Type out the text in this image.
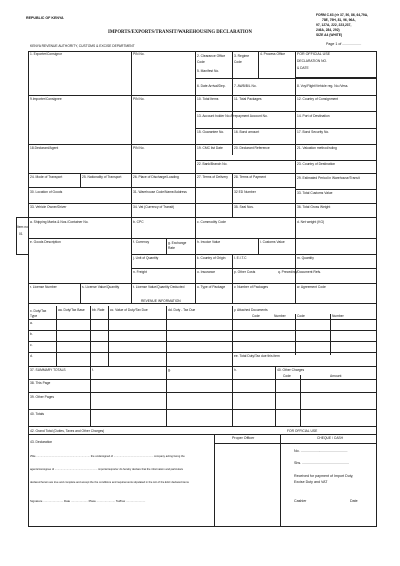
REPUBLIC OF KENYA
IMPORTS/EXPORTS/TRANSIT/WAREHOUSING DECLARATION
FORM C.63 (r/r 37, 50, 86, 64,79A,
78E, 79H, 81, 96, 96A,
97, 127A, 222, 223,237,
246A, 284, 292)
SIZE A4 (WHITE)
Page 1 of ...................
KENYA REVENUE AUTHORITY, CUSTOMS & EXCISE DEPARTMENT
1. Exporter/Consignor	PIN No.	2. Clearance Office Code
3. Regime Code
4. Process Office	FOR OFFICIAL USE
DECLARATION NO.
& DATE
5. Manifest No.
6. Date Arrival/Dep.	7. AWB/B/L No.	8. Voy/Flight/Vehicle reg. No./Vess.
9.Importer/Consignee	PIN No.	10. Total Items	11. Total Packages	12. Country of Consignment
13. Account holder No./Prepayment Account No.	14. Port of Destination
15. Guarantee No.	16. Bond amount	17. Bond Security No.
18.Declarant/Agent	PIN No.	19. CMC list Date	20. Declarant Reference	21. Valuation method/ruling
22. Bank/Branch No.	23. Country of Destination
24. Mode of Transport	25. Nationality of Transport	26. Place of Discharge/Loading	27. Terms of Delivery 28. Terms of Payment	29. Estimated Period in Warehouse/Transit
30. Location of Goods	31. Warehouse Code/Name/Address	32 ED Number	33. Total Customs Value
33. Vehicle Owner/Driver	34. Vat (Currency of Transit)	35. Seal Nos.	36. Total Gross Weight
Item no
01
a. Shipping Marks & Nos./Container No.	b. CPC	c. Commodity Code	d. Net weight (KG)
e. Goods Description	f. Currency	g. Exchange Rate
h. Invoice Value	i. Customs Value
j. Unit of Quantity	k. Country of Origin	l. E.I.T.C	m. Quantity
n. Freight	o. Insurance	p. Other Costs	q. Preceding/Document Refs.
r. License Number	s. License Value/Quantity	t. License Value/Quantity Deducted	u. Type of Package	v. Number of Packages	w. Agreement Code
REVENUE INFORMATION
x. Duty/Tax Type
aa. Duty/Tax Base bb. Rate cc. Value of Duty/Tax Due	dd. Duty - Tax Due	y. Attached Documents
Code	Code
Number	Number
a.
b.
c.
d.	ee. Total Duty/Tax due this item
37. SUMMARY TOTALS	f.	g.	h.	40. Other Charges
Code	Amount
38. This Page
39. Other Pages
40. Totals
42. Grand Total (Duties, Taxes and Other Charges)	FOR OFFICIAL USE
43. Declaration
Proper Officer	CHEQUE / CASH
I/We ........................................................................ the undersigned of ..................................................... company acting being the
agents/consignee of ......................................................... importer/exporter do hereby declare that the information and particulars
declared herein are true and complete and accept the the conditions and requirements stipulated in the Act of the EAC declared items
Signature ......................... Date ..................... Place ....................... Tel/Fax ........................
No. ...............................................
Shs. ...............................................
Received for payment of Import Duty,
Excise Duty and VAT
Cashier	Date
